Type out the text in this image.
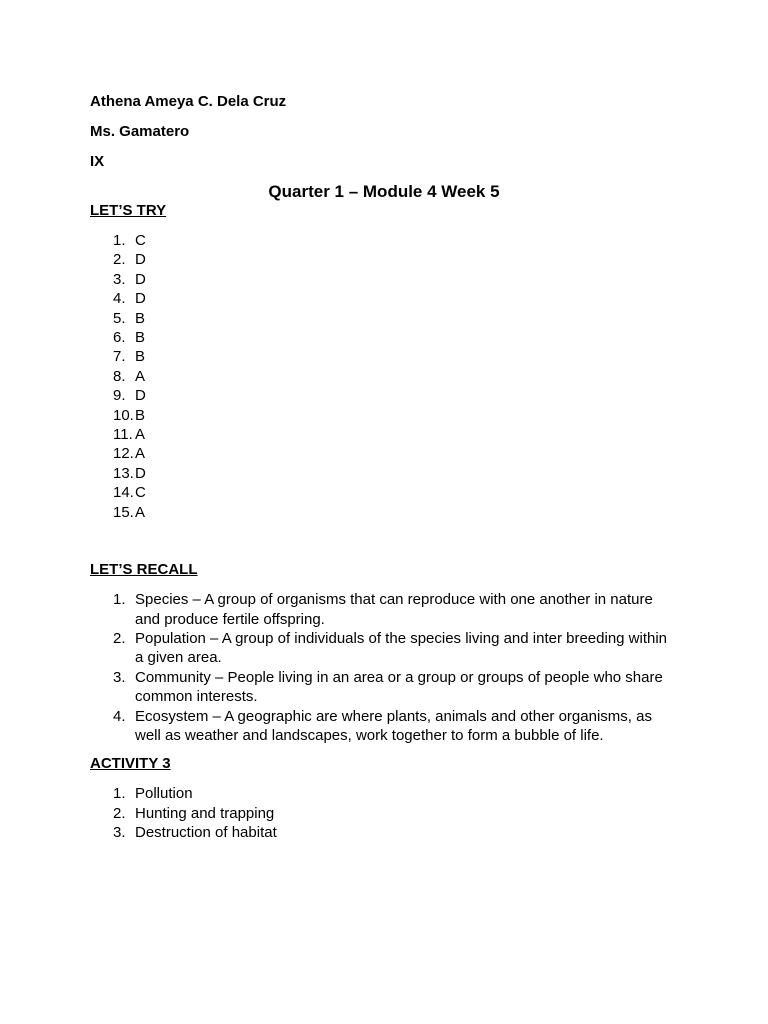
Athena Ameya C. Dela Cruz

Ms. Gamatero

IX

Quarter 1 – Module 4 Week 5

LET’S TRY

1. C
2. D
3. D
4. D
5. B
6. B
7. B
8. A
9. D
10. B
11. A
12. A
13. D
14. C
15. A

LET’S RECALL

1. Species – A group of organisms that can reproduce with one another in nature and produce fertile offspring.
2. Population – A group of individuals of the species living and inter breeding within a given area.
3. Community – People living in an area or a group or groups of people who share common interests.
4. Ecosystem – A geographic are where plants, animals and other organisms, as well as weather and landscapes, work together to form a bubble of life.

ACTIVITY 3

1. Pollution
2. Hunting and trapping
3. Destruction of habitat
